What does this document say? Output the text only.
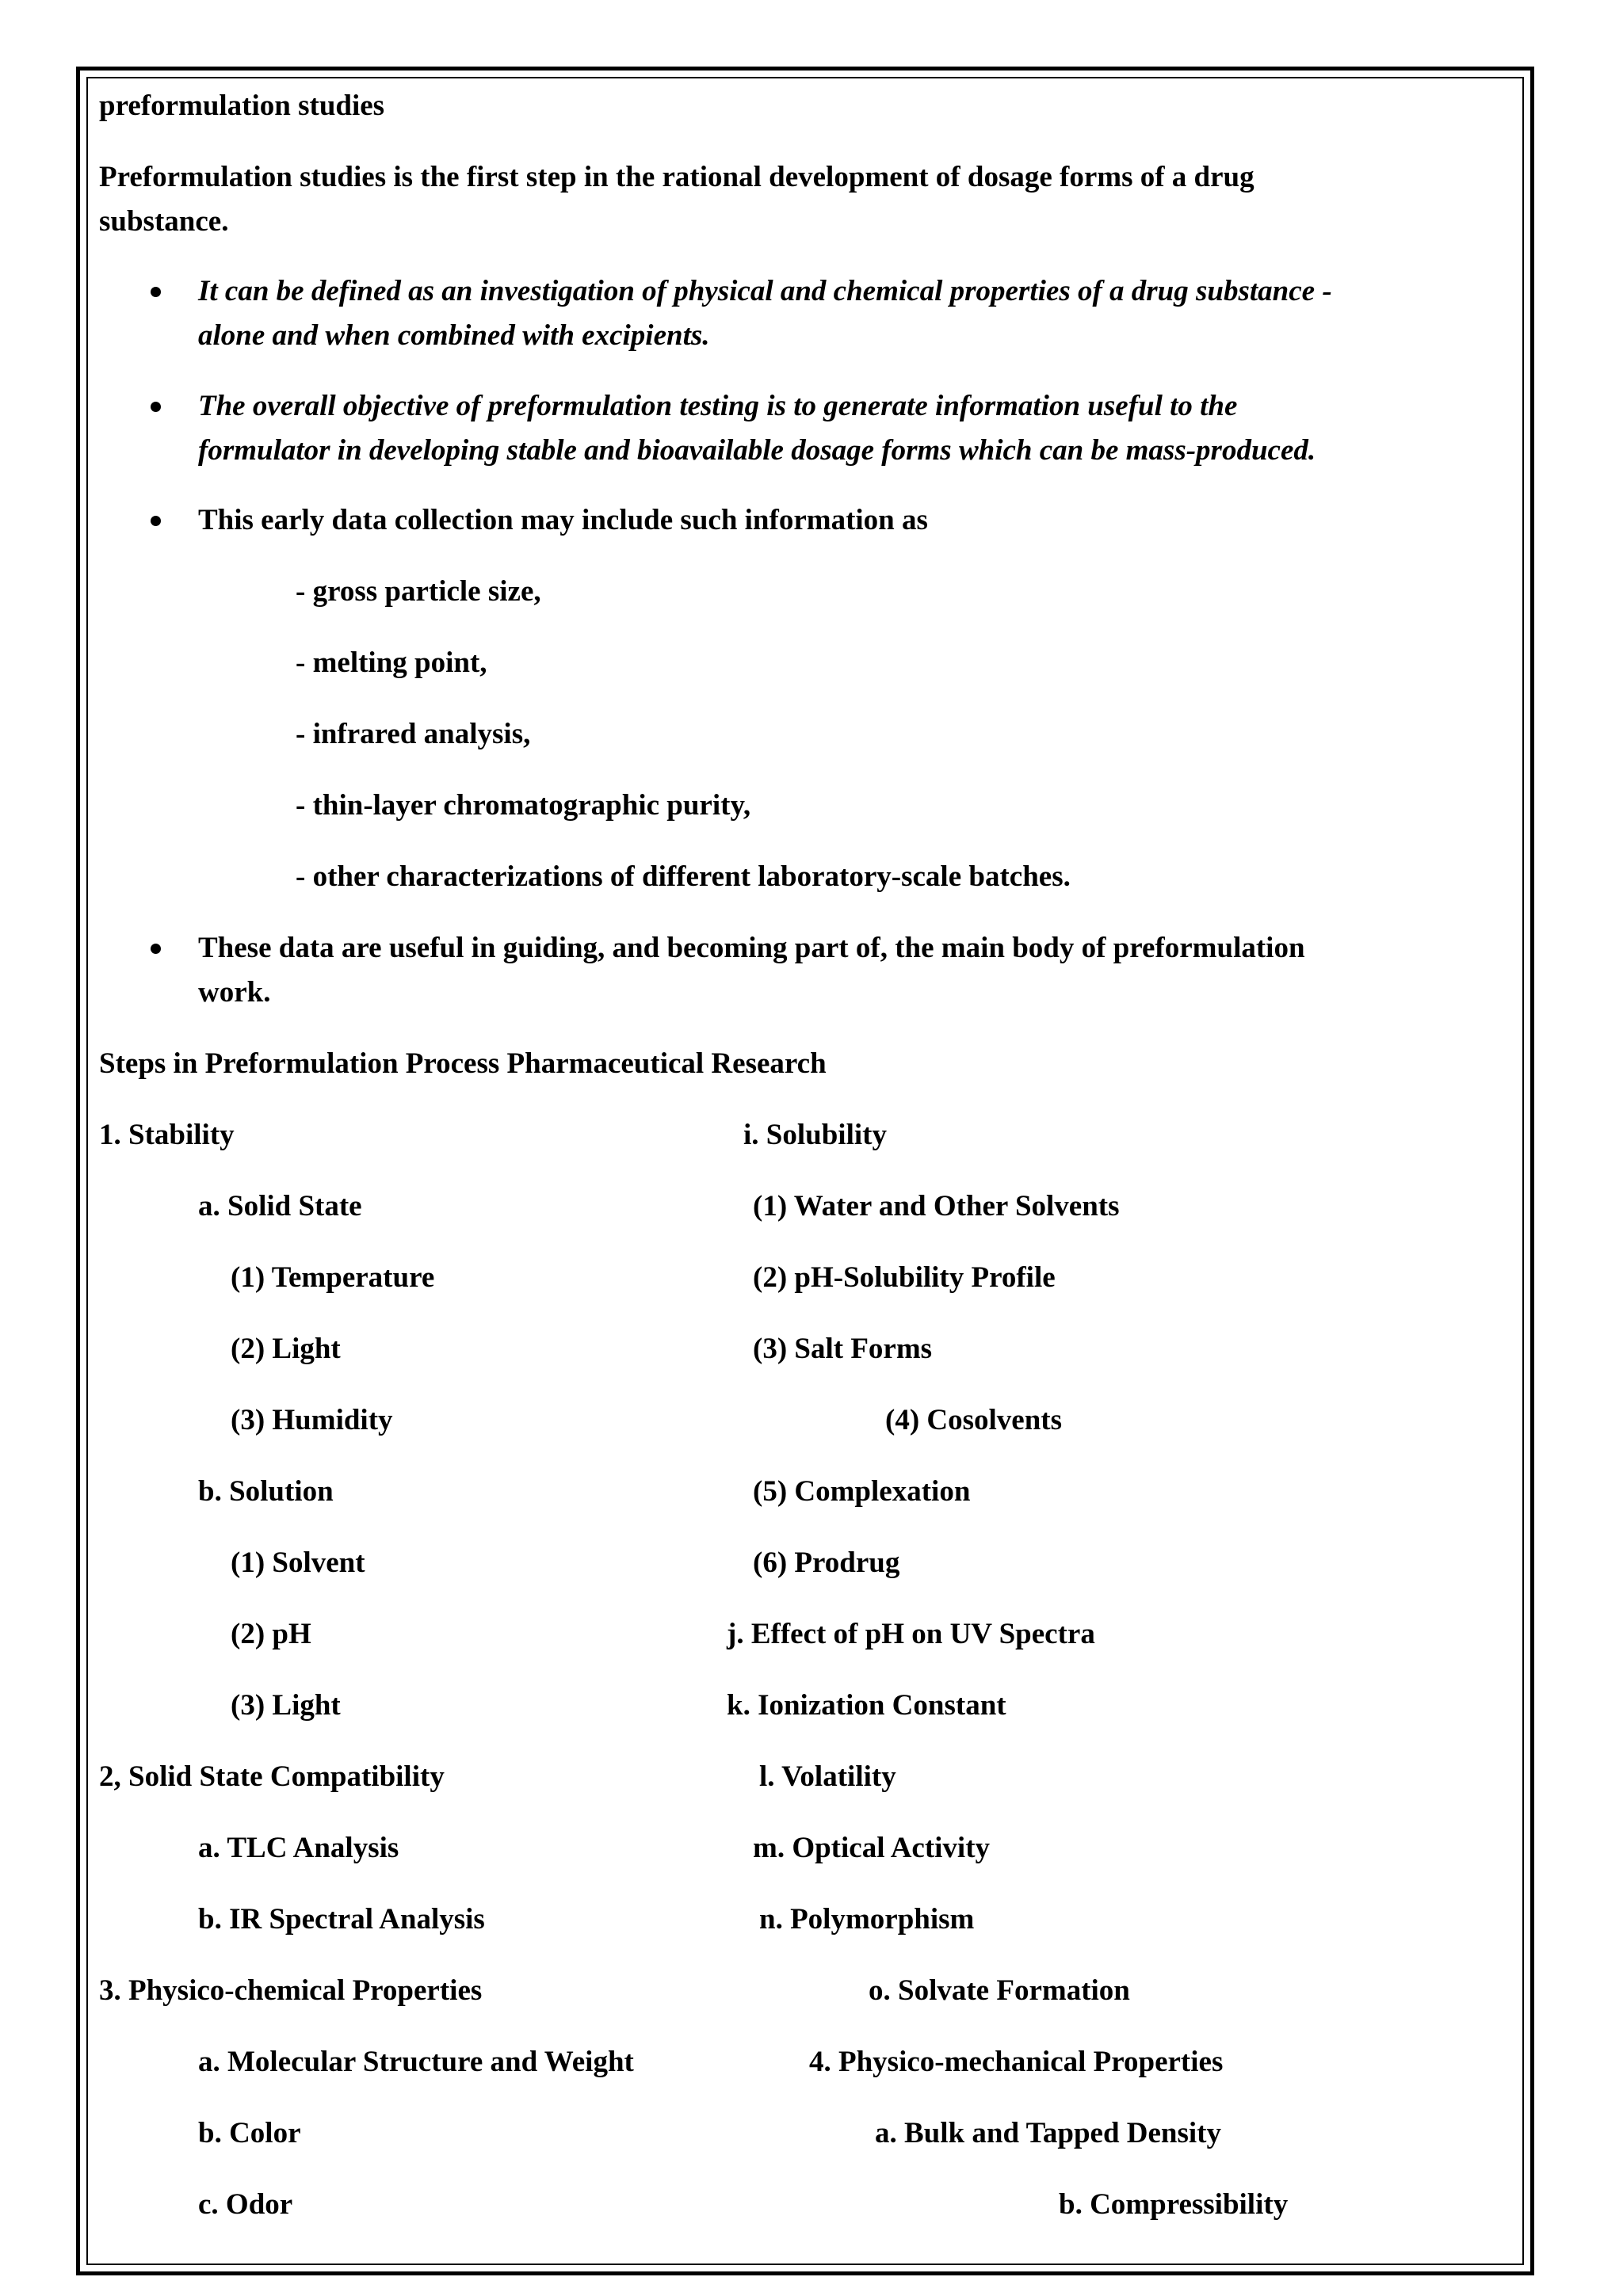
preformulation studies
Preformulation studies is the first step in the rational development of dosage forms of a drug
substance.
It can be defined as an investigation of physical and chemical properties of a drug substance -
alone and when combined with excipients.
The overall objective of preformulation testing is to generate information useful to the
formulator in developing stable and bioavailable dosage forms which can be mass-produced.
This early data collection may include such information as
- gross particle size,
- melting point,
- infrared analysis,
- thin-layer chromatographic purity,
- other characterizations of different laboratory-scale batches.
These data are useful in guiding, and becoming part of, the main body of preformulation
work.
Steps in Preformulation Process Pharmaceutical Research
1. Stability
a. Solid State
(1) Temperature
(2) Light
(3) Humidity
b. Solution
(1) Solvent
(2) pH
(3) Light
2, Solid State Compatibility
a. TLC Analysis
b. IR Spectral Analysis
3. Physico-chemical Properties
a. Molecular Structure and Weight
b. Color
c. Odor
i. Solubility
(1) Water and Other Solvents
(2) pH-Solubility Profile
(3) Salt Forms
(4) Cosolvents
(5) Complexation
(6) Prodrug
j. Effect of pH on UV Spectra
k. Ionization Constant
l. Volatility
m. Optical Activity
n. Polymorphism
o. Solvate Formation
4. Physico-mechanical Properties
a. Bulk and Tapped Density
b. Compressibility
